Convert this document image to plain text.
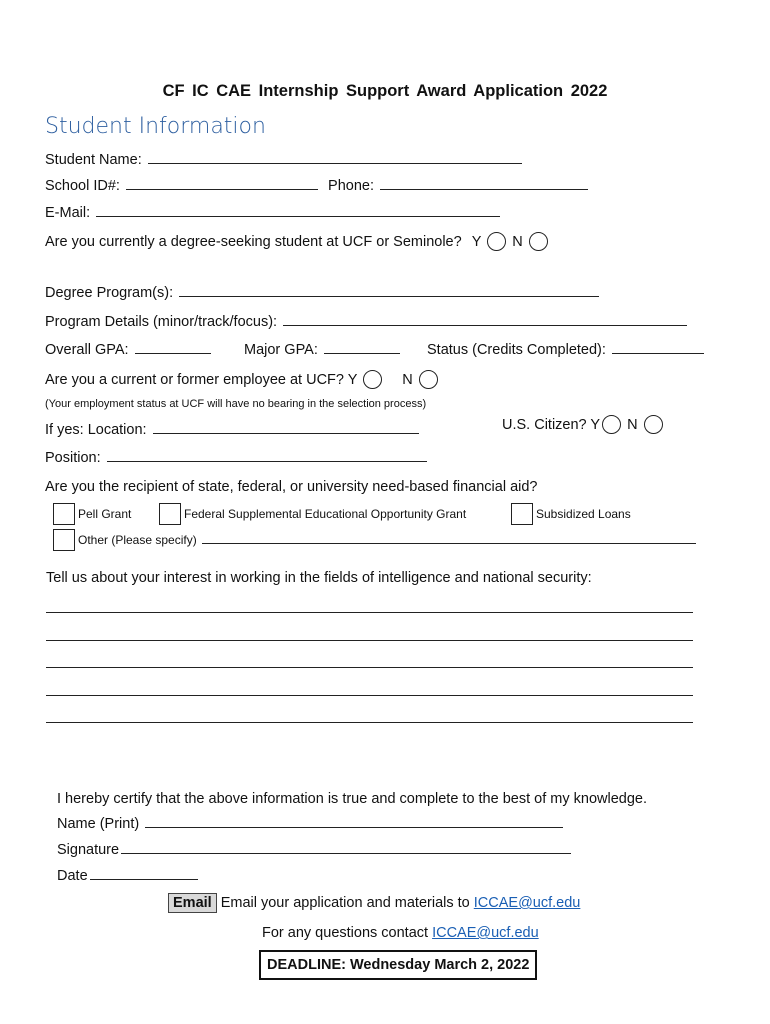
CF IC CAE Internship Support Award Application 2022
Student Information
Student Name:
School ID#:	Phone:
E-Mail:
Are you currently a degree-seeking student at UCF or Seminole? Y N
Degree Program(s):
Program Details (minor/track/focus):
Overall GPA:	Major GPA:	Status (Credits Completed):
Are you a current or former employee at UCF? Y	N
(Your employment status at UCF will have no bearing in the selection process)
U.S. Citizen? Y N
If yes: Location:
Position:
Are you the recipient of state, federal, or university need-based financial aid?
Pell Grant	Federal Supplemental Educational Opportunity Grant	Subsidized Loans
Other (Please specify)
Tell us about your interest in working in the fields of intelligence and national security:
I hereby certify that the above information is true and complete to the best of my knowledge.
Name (Print)
Signature
Date
Email Email your application and materials to ICCAE@ucf.edu
For any questions contact ICCAE@ucf.edu
DEADLINE: Wednesday March 2, 2022
